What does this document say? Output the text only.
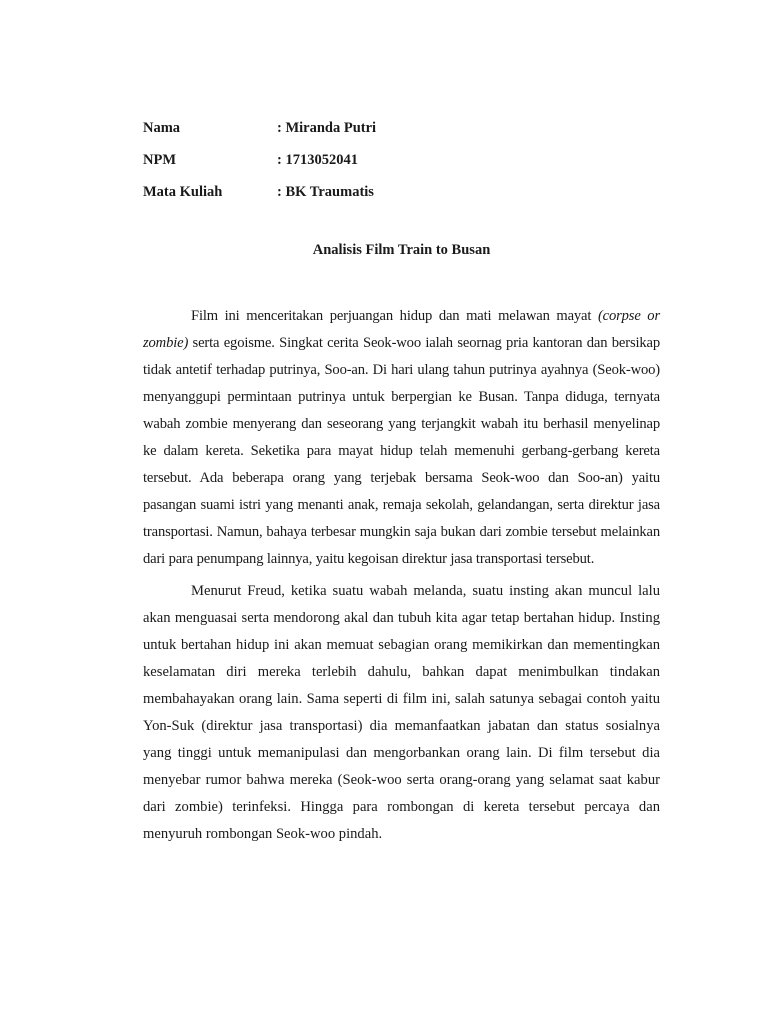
Nama	: Miranda Putri
NPM	: 1713052041
Mata Kuliah	: BK Traumatis
Analisis Film Train to Busan

Film ini menceritakan perjuangan hidup dan mati melawan mayat (corpse or zombie) serta egoisme. Singkat cerita Seok-woo ialah seornag pria kantoran dan bersikap tidak antetif terhadap putrinya, Soo-an. Di hari ulang tahun putrinya ayahnya (Seok-woo) menyanggupi permintaan putrinya untuk berpergian ke Busan. Tanpa diduga, ternyata wabah zombie menyerang dan seseorang yang terjangkit wabah itu berhasil menyelinap ke dalam kereta. Seketika para mayat hidup telah memenuhi gerbang-gerbang kereta tersebut. Ada beberapa orang yang terjebak bersama Seok-woo dan Soo-an) yaitu pasangan suami istri yang menanti anak, remaja sekolah, gelandangan, serta direktur jasa transportasi. Namun, bahaya terbesar mungkin saja bukan dari zombie tersebut melainkan dari para penumpang lainnya, yaitu kegoisan direktur jasa transportasi tersebut.

Menurut Freud, ketika suatu wabah melanda, suatu insting akan muncul lalu akan menguasai serta mendorong akal dan tubuh kita agar tetap bertahan hidup. Insting untuk bertahan hidup ini akan memuat sebagian orang memikirkan dan mementingkan keselamatan diri mereka terlebih dahulu, bahkan dapat menimbulkan tindakan membahayakan orang lain. Sama seperti di film ini, salah satunya sebagai contoh yaitu Yon-Suk (direktur jasa transportasi) dia memanfaatkan jabatan dan status sosialnya yang tinggi untuk memanipulasi dan mengorbankan orang lain. Di film tersebut dia menyebar rumor bahwa mereka (Seok-woo serta orang-orang yang selamat saat kabur dari zombie) terinfeksi. Hingga para rombongan di kereta tersebut percaya dan menyuruh rombongan Seok-woo pindah.
